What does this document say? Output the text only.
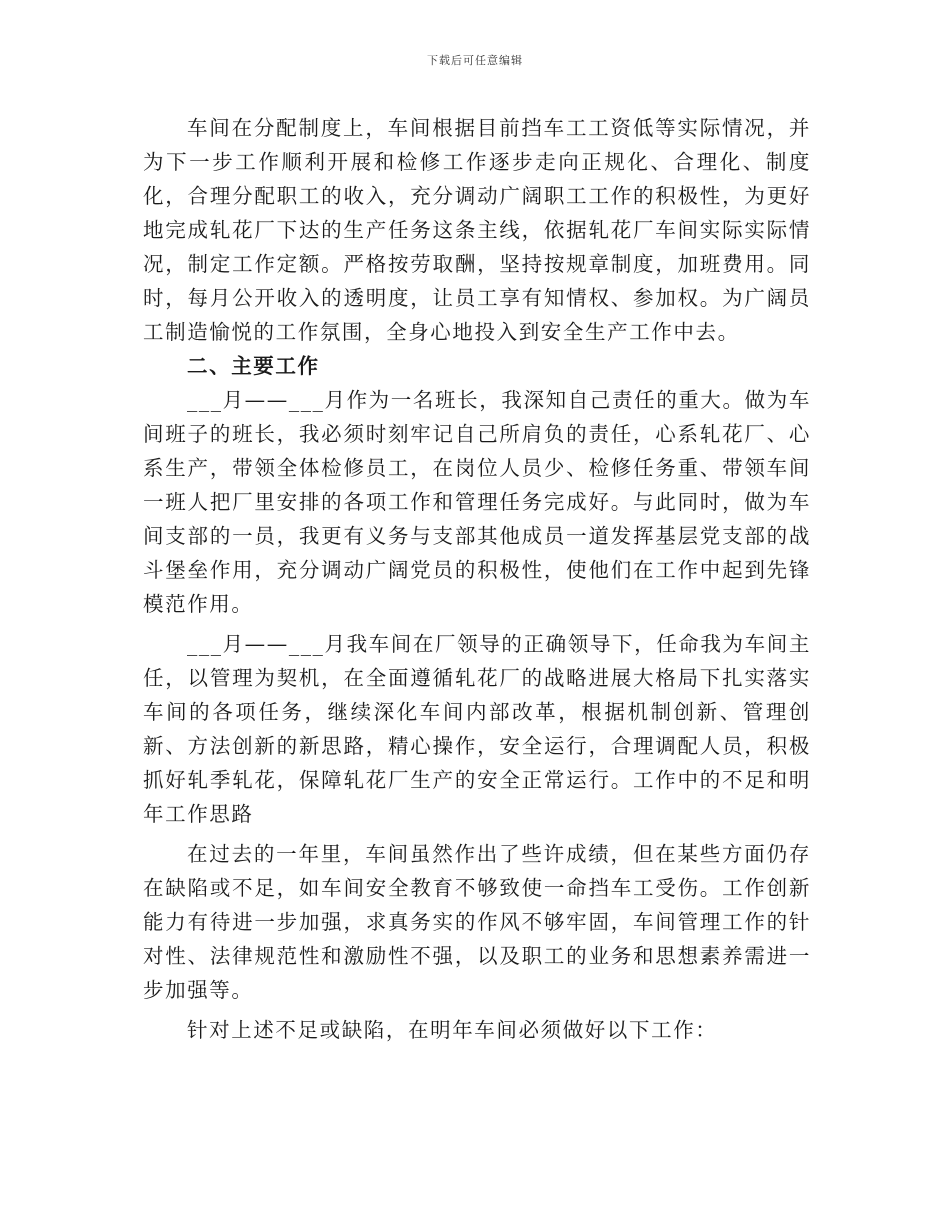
下载后可任意编辑

车间在分配制度上，车间根据目前挡车工工资低等实际情况，并为下一步工作顺利开展和检修工作逐步走向正规化、合理化、制度化，合理分配职工的收入，充分调动广阔职工工作的积极性，为更好地完成轧花厂下达的生产任务这条主线，依据轧花厂车间实际实际情况，制定工作定额。严格按劳取酬，坚持按规章制度，加班费用。同时，每月公开收入的透明度，让员工享有知情权、参加权。为广阔员工制造愉悦的工作氛围，全身心地投入到安全生产工作中去。

二、主要工作

___月——___月作为一名班长，我深知自己责任的重大。做为车间班子的班长，我必须时刻牢记自己所肩负的责任，心系轧花厂、心系生产，带领全体检修员工，在岗位人员少、检修任务重、带领车间一班人把厂里安排的各项工作和管理任务完成好。与此同时，做为车间支部的一员，我更有义务与支部其他成员一道发挥基层党支部的战斗堡垒作用，充分调动广阔党员的积极性，使他们在工作中起到先锋模范作用。

___月——___月我车间在厂领导的正确领导下，任命我为车间主任，以管理为契机，在全面遵循轧花厂的战略进展大格局下扎实落实车间的各项任务，继续深化车间内部改革，根据机制创新、管理创新、方法创新的新思路，精心操作，安全运行，合理调配人员，积极抓好轧季轧花，保障轧花厂生产的安全正常运行。工作中的不足和明年工作思路

在过去的一年里，车间虽然作出了些许成绩，但在某些方面仍存在缺陷或不足，如车间安全教育不够致使一命挡车工受伤。工作创新能力有待进一步加强，求真务实的作风不够牢固，车间管理工作的针对性、法律规范性和激励性不强，以及职工的业务和思想素养需进一步加强等。

针对上述不足或缺陷，在明年车间必须做好以下工作：
